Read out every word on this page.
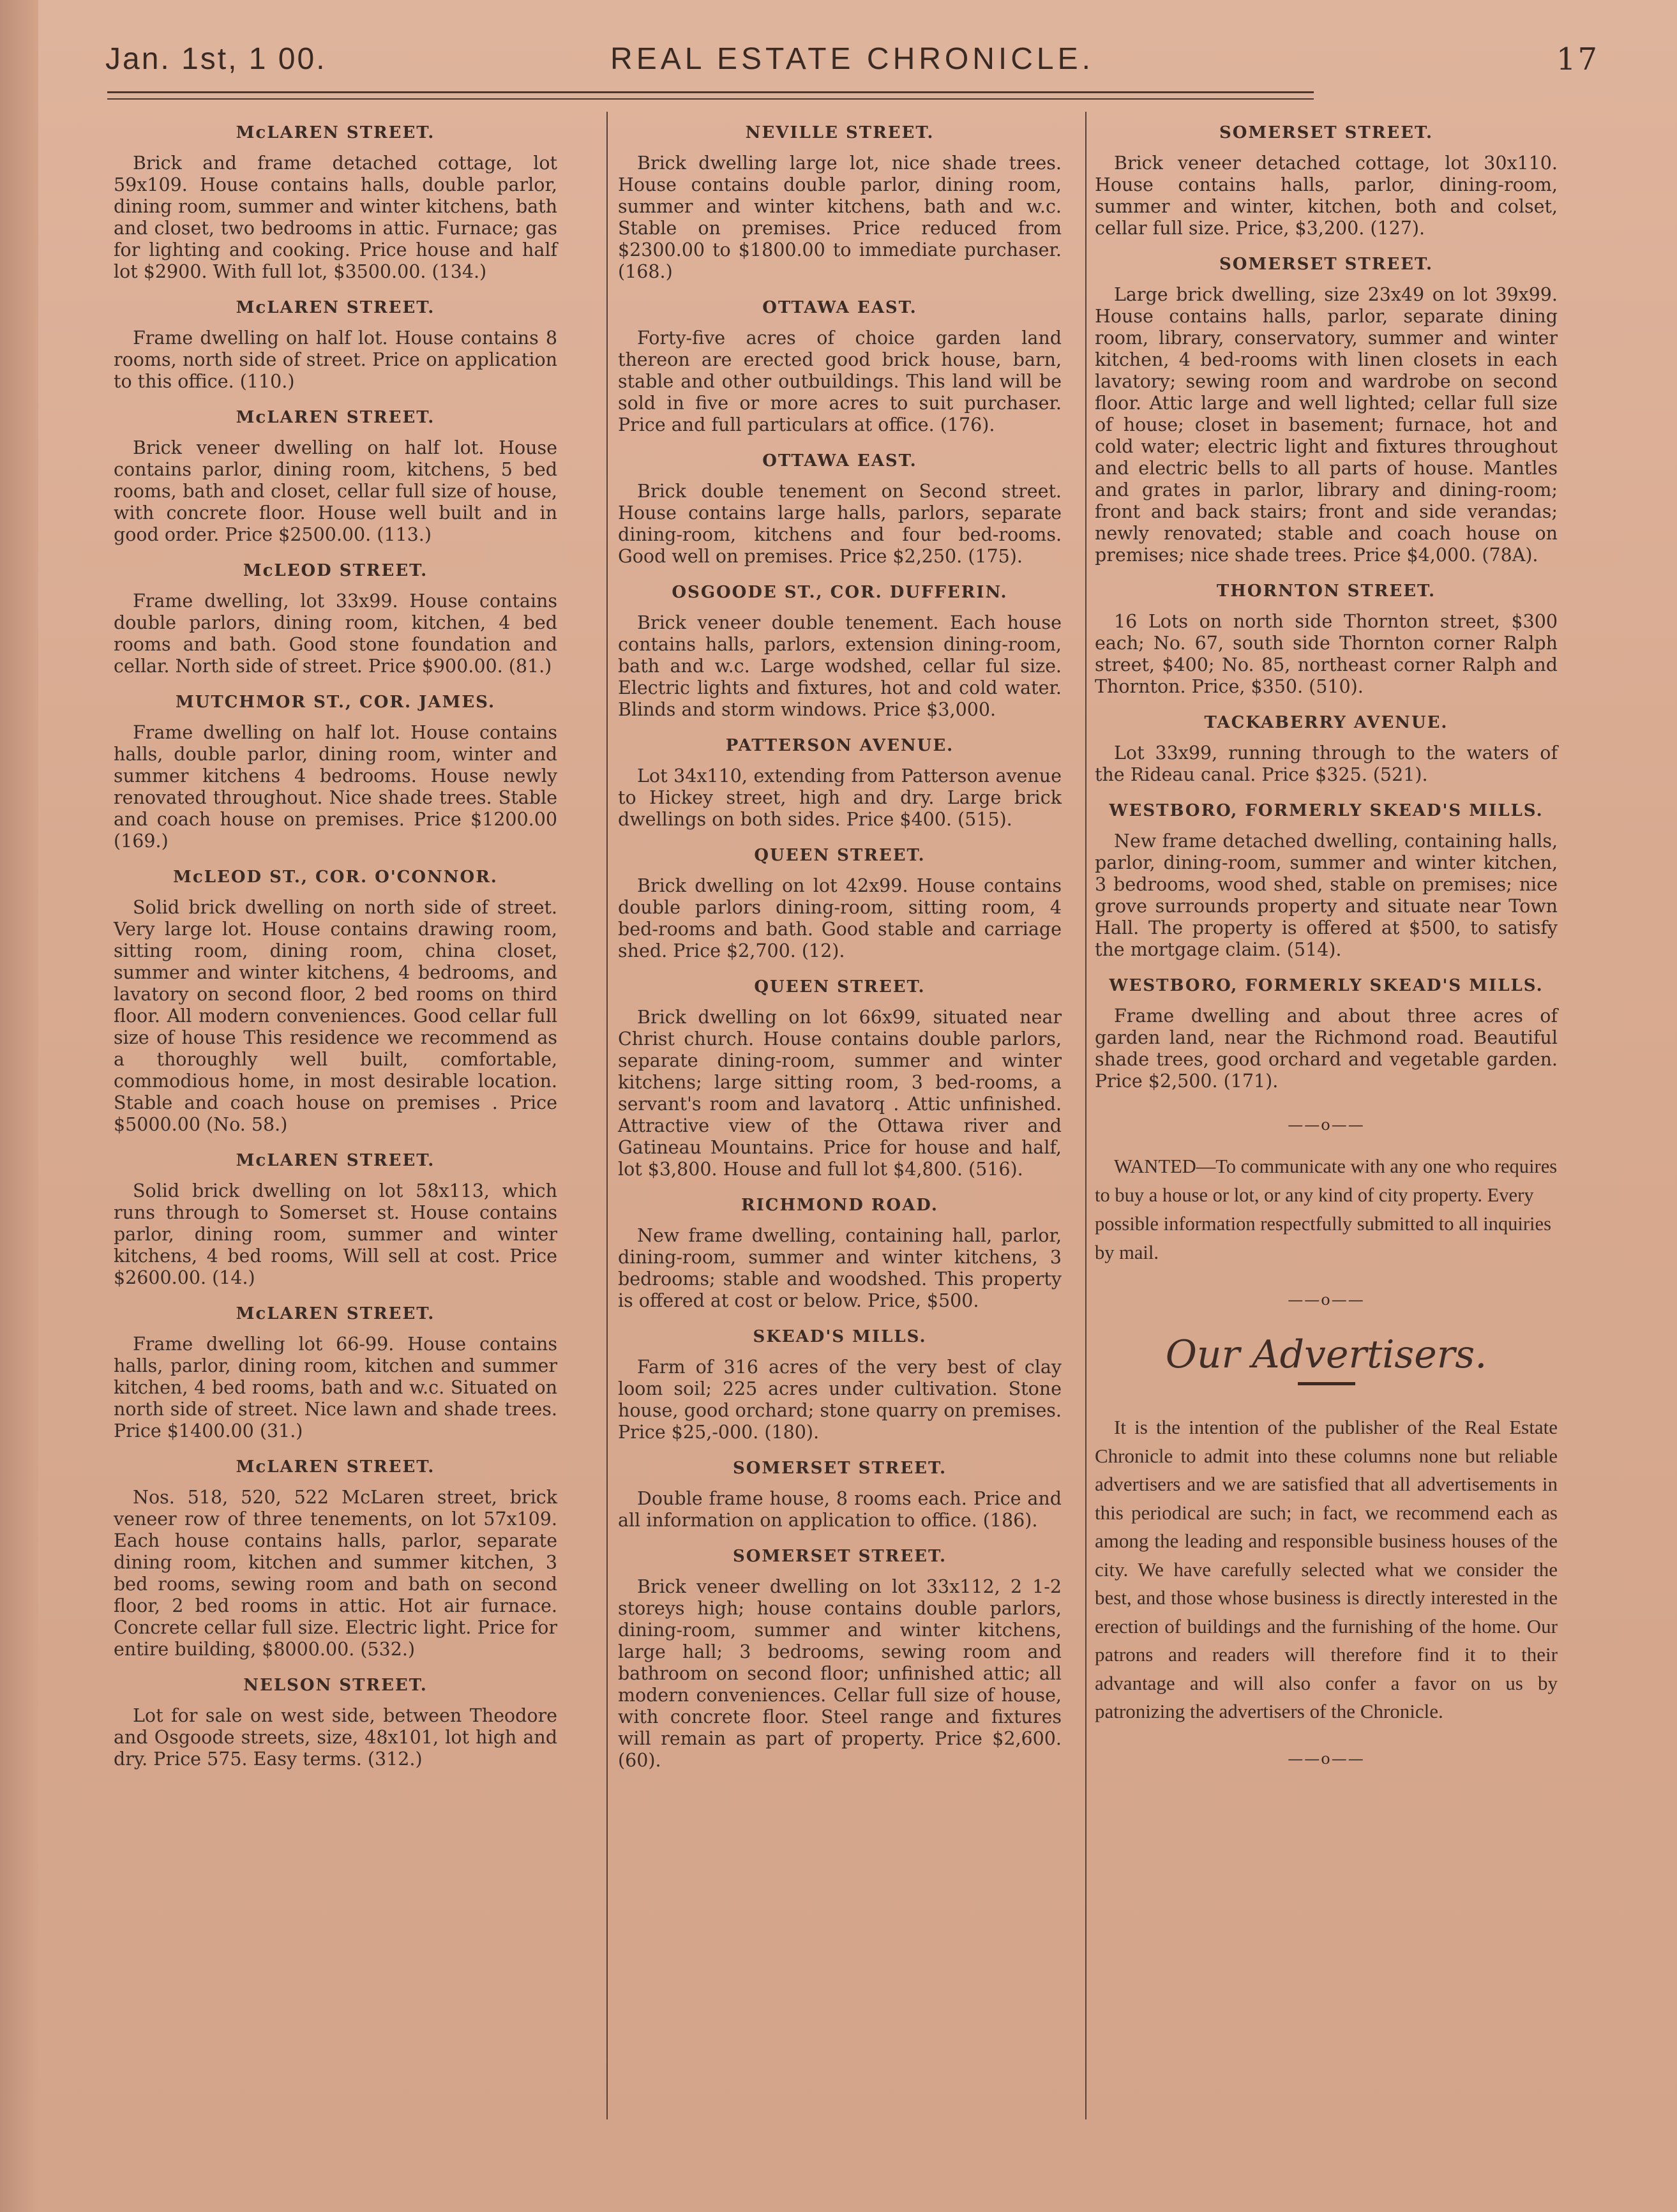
Jan. 1st, 1 00.	REAL ESTATE CHRONICLE.	17
McLAREN STREET.

Brick and frame detached cottage, lot 59x109. House contains halls, double parlor, dining room, summer and winter kitchens, bath and closet, two bedrooms in attic. Furnace; gas for lighting and cooking. Price house and half lot $2900. With full lot, $3500.00. (134.)

McLAREN STREET.

Frame dwelling on half lot. House contains 8 rooms, north side of street. Price on application to this office. (110.)

McLAREN STREET.

Brick veneer dwelling on half lot. House contains parlor, dining room, kitchens, 5 bed rooms, bath and closet, cellar full size of house, with concrete floor. House well built and in good order. Price $2500.00. (113.)

McLEOD STREET.

Frame dwelling, lot 33x99. House contains double parlors, dining room, kitchen, 4 bed rooms and bath. Good stone foundation and cellar. North side of street. Price $900.00. (81.)

MUTCHMOR ST., COR. JAMES.

Frame dwelling on half lot. House contains halls, double parlor, dining room, winter and summer kitchens 4 bedrooms. House newly renovated throughout. Nice shade trees. Stable and coach house on premises. Price $1200.00 (169.)

McLEOD ST., COR. O'CONNOR.

Solid brick dwelling on north side of street. Very large lot. House contains drawing room, sitting room, dining room, china closet, summer and winter kitchens, 4 bedrooms, and lavatory on second floor, 2 bed rooms on third floor. All modern conveniences. Good cellar full size of house This residence we recommend as a thoroughly well built, comfortable, commodious home, in most desirable location. Stable and coach house on premises . Price $5000.00 (No. 58.)

McLAREN STREET.

Solid brick dwelling on lot 58x113, which runs through to Somerset st. House contains parlor, dining room, summer and winter kitchens, 4 bed rooms, Will sell at cost. Price $2600.00. (14.)

McLAREN STREET.

Frame dwelling lot 66-99. House contains halls, parlor, dining room, kitchen and summer kitchen, 4 bed rooms, bath and w.c. Situated on north side of street. Nice lawn and shade trees. Price $1400.00 (31.)

McLAREN STREET.

Nos. 518, 520, 522 McLaren street, brick veneer row of three tenements, on lot 57x109. Each house contains halls, parlor, separate dining room, kitchen and summer kitchen, 3 bed rooms, sewing room and bath on second floor, 2 bed rooms in attic. Hot air furnace. Concrete cellar full size. Electric light. Price for entire building, $8000.00. (532.)

NELSON STREET.

Lot for sale on west side, between Theodore and Osgoode streets, size, 48x101, lot high and dry. Price 575. Easy terms. (312.)

NEVILLE STREET.

Brick dwelling large lot, nice shade trees. House contains double parlor, dining room, summer and winter kitchens, bath and w.c. Stable on premises. Price reduced from $2300.00 to $1800.00 to immediate purchaser. (168.)

OTTAWA EAST.

Forty-five acres of choice garden land thereon are erected good brick house, barn, stable and other outbuildings. This land will be sold in five or more acres to suit purchaser. Price and full particulars at office. (176).

OTTAWA EAST.

Brick double tenement on Second street. House contains large halls, parlors, separate dining-room, kitchens and four bed-rooms. Good well on premises. Price $2,250. (175).

OSGOODE ST., COR. DUFFERIN.

Brick veneer double tenement. Each house contains halls, parlors, extension dining-room, bath and w.c. Large wodshed, cellar ful size. Electric lights and fixtures, hot and cold water. Blinds and storm windows. Price $3,000.

PATTERSON AVENUE.

Lot 34x110, extending from Patterson avenue to Hickey street, high and dry. Large brick dwellings on both sides. Price $400. (515).

QUEEN STREET.

Brick dwelling on lot 42x99. House contains double parlors dining-room, sitting room, 4 bed-rooms and bath. Good stable and carriage shed. Price $2,700. (12).

QUEEN STREET.

Brick dwelling on lot 66x99, situated near Christ church. House contains double parlors, separate dining-room, summer and winter kitchens; large sitting room, 3 bed-rooms, a servant's room and lavatorq . Attic unfinished. Attractive view of the Ottawa river and Gatineau Mountains. Price for house and half, lot $3,800. House and full lot $4,800. (516).

RICHMOND ROAD.

New frame dwelling, containing hall, parlor, dining-room, summer and winter kitchens, 3 bedrooms; stable and woodshed. This property is offered at cost or below. Price, $500.

SKEAD'S MILLS.

Farm of 316 acres of the very best of clay loom soil; 225 acres under cultivation. Stone house, good orchard; stone quarry on premises. Price $25,-000. (180).

SOMERSET STREET.

Double frame house, 8 rooms each. Price and all information on application to office. (186).

SOMERSET STREET.

Brick veneer dwelling on lot 33x112, 2 1-2 storeys high; house contains double parlors, dining-room, summer and winter kitchens, large hall; 3 bedrooms, sewing room and bathroom on second floor; unfinished attic; all modern conveniences. Cellar full size of house, with concrete floor. Steel range and fixtures will remain as part of property. Price $2,600. (60).

SOMERSET STREET.

Brick veneer detached cottage, lot 30x110. House contains halls, parlor, dining-room, summer and winter, kitchen, both and colset, cellar full size. Price, $3,200. (127).

SOMERSET STREET.

Large brick dwelling, size 23x49 on lot 39x99. House contains halls, parlor, separate dining room, library, conservatory, summer and winter kitchen, 4 bed-rooms with linen closets in each lavatory; sewing room and wardrobe on second floor. Attic large and well lighted; cellar full size of house; closet in basement; furnace, hot and cold water; electric light and fixtures throughout and electric bells to all parts of house. Mantles and grates in parlor, library and dining-room; front and back stairs; front and side verandas; newly renovated; stable and coach house on premises; nice shade trees. Price $4,000. (78A).

THORNTON STREET.

16 Lots on north side Thornton street, $300 each; No. 67, south side Thornton corner Ralph street, $400; No. 85, northeast corner Ralph and Thornton. Price, $350. (510).

TACKABERRY AVENUE.

Lot 33x99, running through to the waters of the Rideau canal. Price $325. (521).

WESTBORO, FORMERLY SKEAD'S MILLS.

New frame detached dwelling, containing halls, parlor, dining-room, summer and winter kitchen, 3 bedrooms, wood shed, stable on premises; nice grove surrounds property and situate near Town Hall. The property is offered at $500, to satisfy the mortgage claim. (514).

WESTBORO, FORMERLY SKEAD'S MILLS.

Frame dwelling and about three acres of garden land, near the Richmond road. Beautiful shade trees, good orchard and vegetable garden. Price $2,500. (171).

——o——

WANTED—To communicate with any one who requires to buy a house or lot, or any kind of city property. Every possible information respectfully submitted to all inquiries by mail.

——o——
Our Advertisers.

It is the intention of the publisher of the Real Estate Chronicle to admit into these columns none but reliable advertisers and we are satisfied that all advertisements in this periodical are such; in fact, we recommend each as among the leading and responsible business houses of the city. We have carefully selected what we consider the best, and those whose business is directly interested in the erection of buildings and the furnishing of the home. Our patrons and readers will therefore find it to their advantage and will also confer a favor on us by patronizing the advertisers of the Chronicle.

——o——
